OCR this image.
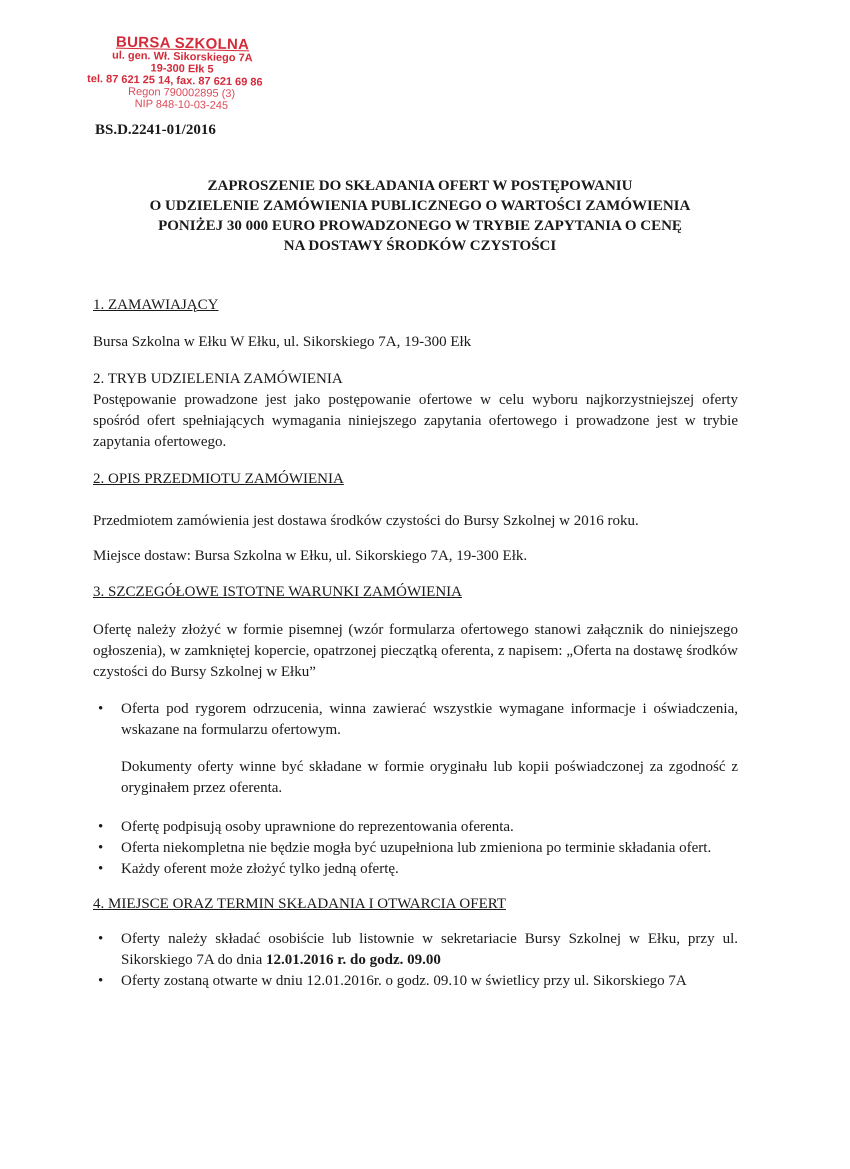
BURSA SZKOLNA
ul. gen. Wł. Sikorskiego 7A
19-300 Ełk 5
tel. 87 621 25 14, fax. 87 621 69 86
Regon 790002895 (3)
NIP 848-10-03-245
BS.D.2241-01/2016
ZAPROSZENIE DO SKŁADANIA OFERT W POSTĘPOWANIU
O UDZIELENIE ZAMÓWIENIA PUBLICZNEGO O WARTOŚCI ZAMÓWIENIA
PONIŻEJ 30 000 EURO PROWADZONEGO W TRYBIE ZAPYTANIA O CENĘ
NA DOSTAWY ŚRODKÓW CZYSTOŚCI

1. ZAMAWIAJĄCY

Bursa Szkolna w Ełku W Ełku, ul. Sikorskiego 7A, 19-300 Ełk

2. TRYB UDZIELENIA ZAMÓWIENIA

Postępowanie prowadzone jest jako postępowanie ofertowe w celu wyboru najkorzystniejszej oferty spośród ofert spełniających wymagania niniejszego zapytania ofertowego i prowadzone jest w trybie zapytania ofertowego.

2. OPIS PRZEDMIOTU ZAMÓWIENIA

Przedmiotem zamówienia jest dostawa środków czystości do Bursy Szkolnej w 2016 roku.

Miejsce dostaw: Bursa Szkolna w Ełku, ul. Sikorskiego 7A, 19-300 Ełk.

3. SZCZEGÓŁOWE ISTOTNE WARUNKI ZAMÓWIENIA

Ofertę należy złożyć w formie pisemnej (wzór formularza ofertowego stanowi załącznik do niniejszego ogłoszenia), w zamkniętej kopercie, opatrzonej pieczątką oferenta, z napisem: „Oferta na dostawę środków czystości do Bursy Szkolnej w Ełku”

• Oferta pod rygorem odrzucenia, winna zawierać wszystkie wymagane informacje i oświadczenia, wskazane na formularzu ofertowym.

Dokumenty oferty winne być składane w formie oryginału lub kopii poświadczonej za zgodność z oryginałem przez oferenta.

• Ofertę podpisują osoby uprawnione do reprezentowania oferenta.
• Oferta niekompletna nie będzie mogła być uzupełniona lub zmieniona po terminie składania ofert.
• Każdy oferent może złożyć tylko jedną ofertę.

4. MIEJSCE ORAZ TERMIN SKŁADANIA I OTWARCIA OFERT

• Oferty należy składać osobiście lub listownie w sekretariacie Bursy Szkolnej w Ełku, przy ul. Sikorskiego 7A do dnia 12.01.2016 r. do godz. 09.00
• Oferty zostaną otwarte w dniu 12.01.2016r. o godz. 09.10 w świetlicy przy ul. Sikorskiego 7A
